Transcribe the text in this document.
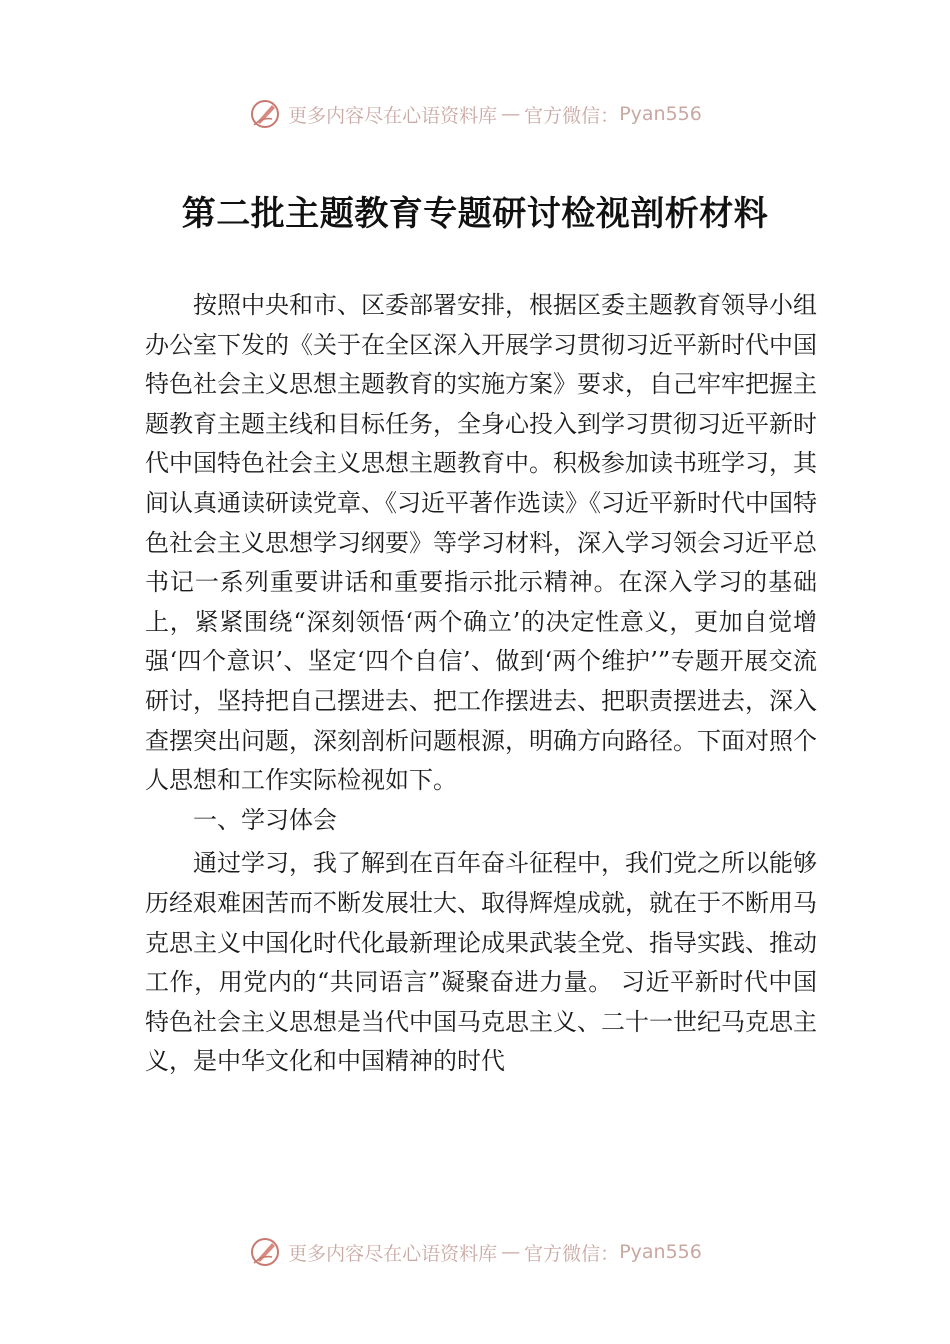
更多内容尽在心语资料库 — 官方微信： Pyan556
第二批主题教育专题研讨检视剖析材料

按照中央和市、区委部署安排，根据区委主题教育领导小组办公室下发的《关于在全区深入开展学习贯彻习近平新时代中国特色社会主义思想主题教育的实施方案》要求，自己牢牢把握主题教育主题主线和目标任务，全身心投入到学习贯彻习近平新时代中国特色社会主义思想主题教育中。积极参加读书班学习，其间认真通读研读党章、《习近平著作选读》《习近平新时代中国特色社会主义思想学习纲要》等学习材料，深入学习领会习近平总书记一系列重要讲话和重要指示批示精神。在深入学习的基础上，紧紧围绕“深刻领悟‘两个确立’的决定性意义，更加自觉增强‘四个意识’、坚定‘四个自信’、做到‘两个维护’”专题开展交流研讨，坚持把自己摆进去、把工作摆进去、把职责摆进去，深入查摆突出问题，深刻剖析问题根源，明确方向路径。下面对照个人思想和工作实际检视如下。

一、学习体会

通过学习，我了解到在百年奋斗征程中，我们党之所以能够历经艰难困苦而不断发展壮大、取得辉煌成就，就在于不断用马克思主义中国化时代化最新理论成果武装全党、指导实践、推动工作，用党内的“共同语言”凝聚奋进力量。 习近平新时代中国特色社会主义思想是当代中国马克思主义、二十一世纪马克思主义，是中华文化和中国精神的时代

更多内容尽在心语资料库 — 官方微信： Pyan556
